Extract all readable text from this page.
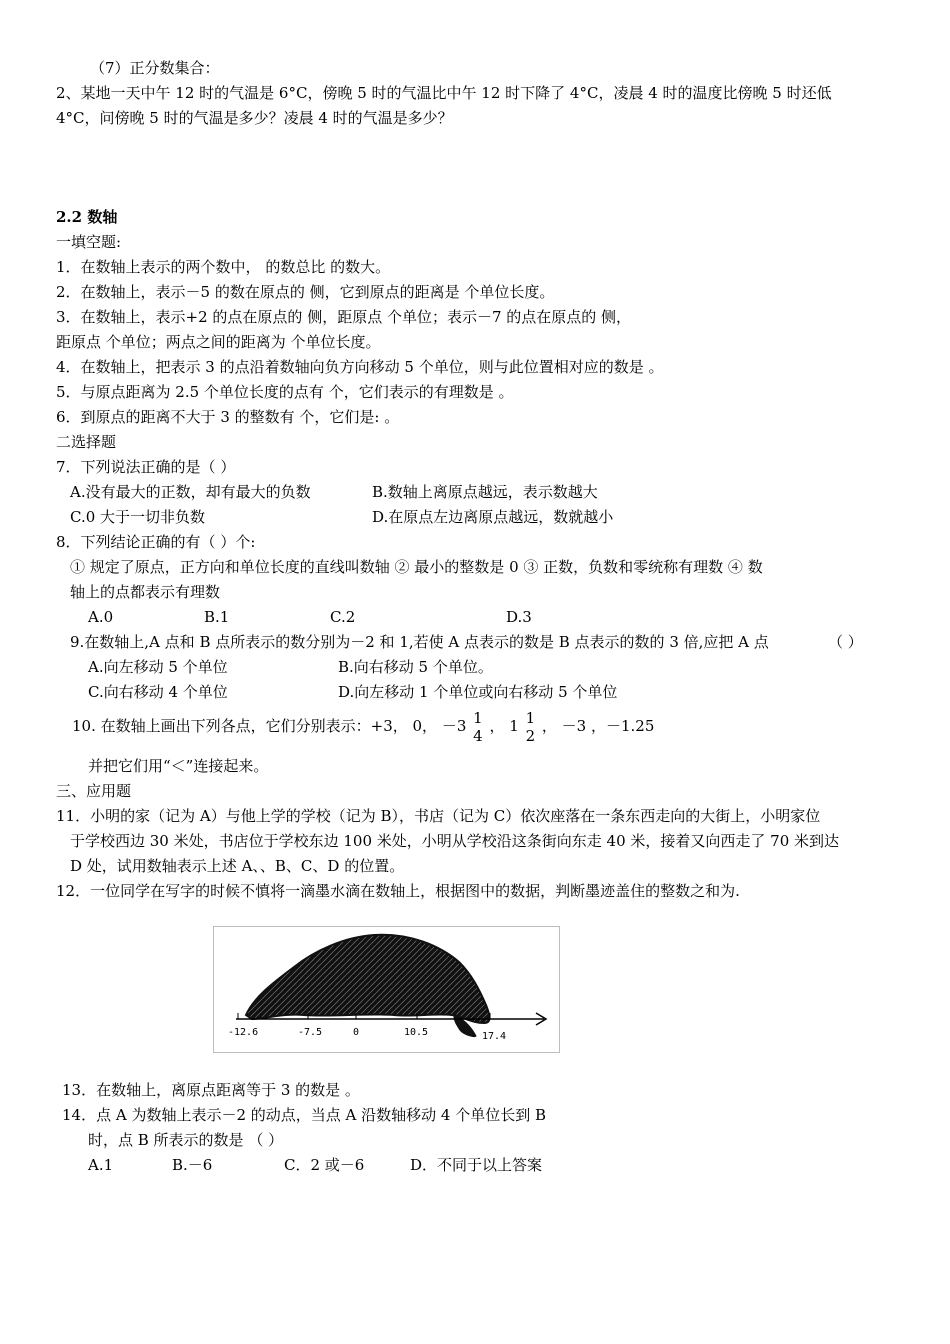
（7）正分数集合：
2、某地一天中午 12 时的气温是 6°C，傍晚 5 时的气温比中午 12 时下降了 4°C，凌晨 4 时的温度比傍晚 5 时还低
4°C，问傍晚 5 时的气温是多少？凌晨 4 时的气温是多少？
2.2 数轴
一填空题:
1．在数轴上表示的两个数中， 的数总比 的数大。
2．在数轴上，表示－5 的数在原点的 侧，它到原点的距离是 个单位长度。
3．在数轴上，表示+2 的点在原点的 侧，距原点 个单位；表示－7 的点在原点的 侧，
距原点 个单位；两点之间的距离为 个单位长度。
4．在数轴上，把表示 3 的点沿着数轴向负方向移动 5 个单位，则与此位置相对应的数是 。
5．与原点距离为 2.5 个单位长度的点有 个，它们表示的有理数是 。
6．到原点的距离不大于 3 的整数有 个，它们是: 。
二选择题
7．下列说法正确的是（ ）
A.没有最大的正数，却有最大的负数	B.数轴上离原点越远，表示数越大
C.0 大于一切非负数	D.在原点左边离原点越远，数就越小
8．下列结论正确的有（ ）个:
① 规定了原点，正方向和单位长度的直线叫数轴 ② 最小的整数是 0 ③ 正数，负数和零统称有理数 ④ 数
轴上的点都表示有理数
A.0	B.1	C.2	D.3
9.在数轴上,A 点和 B 点所表示的数分别为－2 和 1,若使 A 点表示的数是 B 点表示的数的 3 倍,应把 A 点	（ ）
A.向左移动 5 个单位	B.向右移动 5 个单位。
C.向右移动 4 个单位	D.向左移动 1 个单位或向右移动 5 个单位
10. 在数轴上画出下列各点，它们分别表示：+3， 0， －3 1
4
， 1 1
2
， －3 ，－1.25
并把它们用“＜”连接起来。
三、应用题
11．小明的家（记为 A）与他上学的学校（记为 B），书店（记为 C）依次座落在一条东西走向的大街上，小明家位
于学校西边 30 米处，书店位于学校东边 100 米处，小明从学校沿这条街向东走 40 米，接着又向西走了 70 米到达
D 处，试用数轴表示上述 A、、B、C、D 的位置。
12．一位同学在写字的时候不慎将一滴墨水滴在数轴上，根据图中的数据，判断墨迹盖住的整数之和为.
-12.6	-7.5	0	10.5	17.4
13．在数轴上，离原点距离等于 3 的数是 。
14．点 A 为数轴上表示－2 的动点，当点 A 沿数轴移动 4 个单位长到 B
时，点 B 所表示的数是 （ ）
A.1	B.－6	C．2 或－6	D．不同于以上答案
